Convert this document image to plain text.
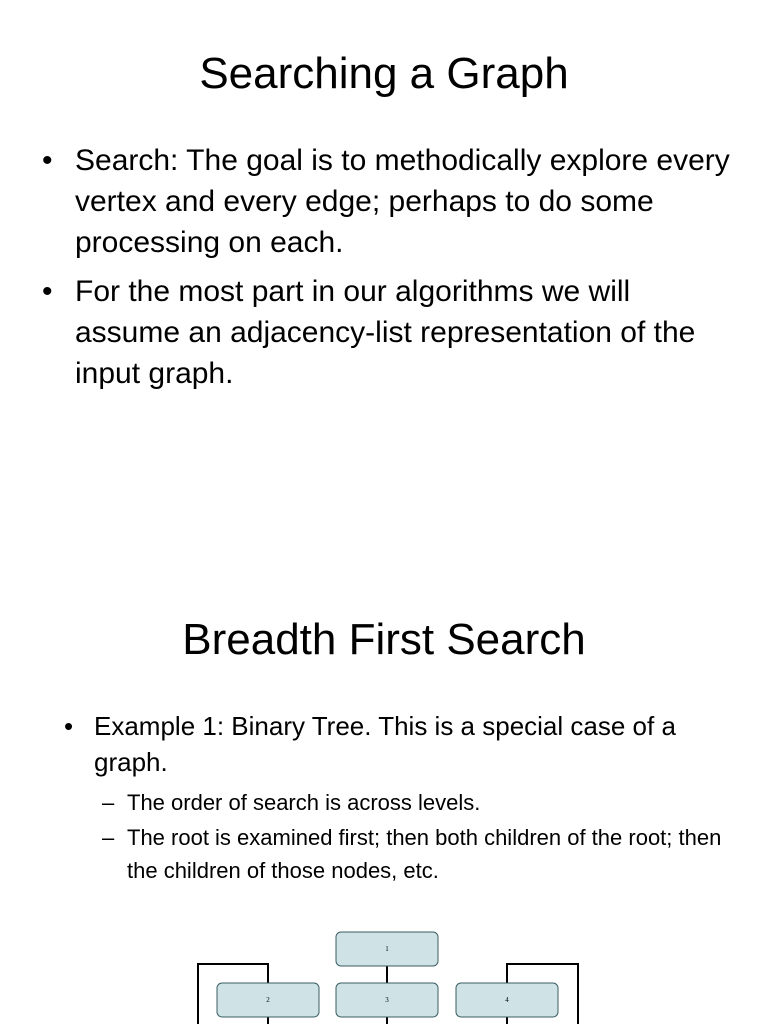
Searching a Graph
• Search: The goal is to methodically explore every vertex and every edge; perhaps to do some processing on each.
• For the most part in our algorithms we will assume an adjacency-list representation of the input graph.
Breadth First Search
• Example 1: Binary Tree. This is a special case of a graph.
– The order of search is across levels.
– The root is examined first; then both children of the root; then the children of those nodes, etc.
1
2	3	4
